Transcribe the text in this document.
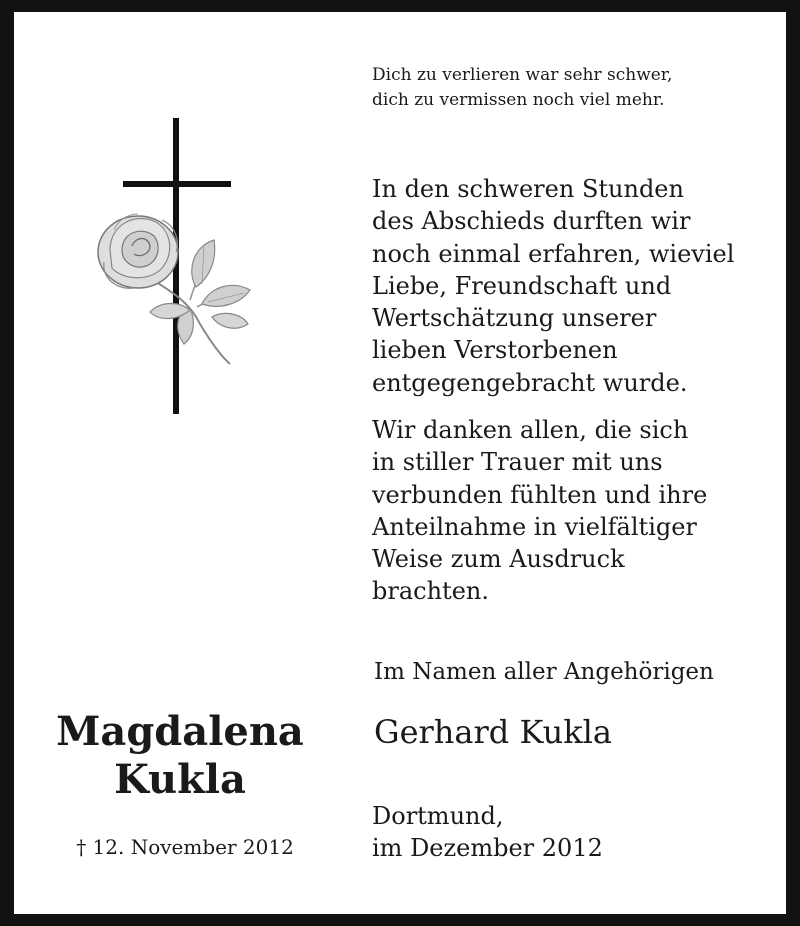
Dich zu verlieren war sehr schwer,
dich zu vermissen noch viel mehr.
In den schweren Stunden
des Abschieds durften wir
noch einmal erfahren, wieviel
Liebe, Freundschaft und
Wertschätzung unserer
lieben Verstorbenen
entgegengebracht wurde.
Wir danken allen, die sich
in stiller Trauer mit uns
verbunden fühlten und ihre
Anteilnahme in vielfältiger
Weise zum Ausdruck
brachten.

Im Namen aller Angehörigen

Gerhard Kukla

Dortmund,
im Dezember 2012

Magdalena

Kukla

† 12. November 2012
